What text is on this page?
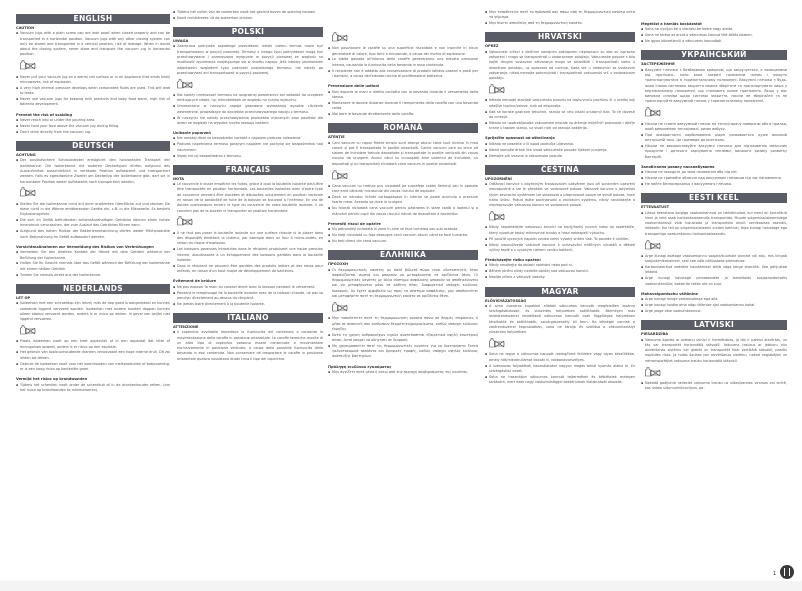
ENGLISH
CAUTION
▪ Vacuum jugs with a plain screw cap are leak proof when closed properly and can be transported in a horizontal position. Vacuum jugs with any other closing system can only be stored and transported in a vertical position, risk of leakage. When in doubt about the closing system, never store and transport the vacuum jug in horizontal position.
▪ Never put your vacuum jug on a warm/ hot surface or in an appliance that emits heat/ microwaves, risk of explosion.
▪ A very high internal pressure develops when carbonated fluids are used. This will lead to leaks.
▪ Never use vacuum jugs for keeping milk products and baby food warm, high risk of bacteria development.
Prevent the risk of scalding
▪ Never reach into or under the pouring area.
▪ Never hold your face above the vacuum jug during filling.
▪ Don't drink directly from the vacuum jug.
DEUTSCH
ACHTUNG
▪ Der auslaufsichere Schraubdeckel ermöglicht den horizontalen Transport der Isolierkanne. Die Isolierkanne mit anderen Deckeltypen dürfen aufgrund des Auslaufrisikos ausschließlich in vertikaler Position aufbewahrt und transportiert werden. Falls es irgendwelche Zweifel am Deckeltyp der Isolierkanne gibt, darf sie in horizontaler Position weder aufbewahrt noch transportiert werden.
▪ Stellen Sie die Isolierkanne nicht auf einer erwärmten Oberfläche auf und stecken Sie diese nicht in die Wärme emittierenden Geräte ein, z.B. in die Mikrowelle. Es besteht Explosionsgefahr.
▪ Die sich im Gefäß befindenden kohlensäurehaltigen Getränke können einen hohen Innendruck verursachen, der zum Auslauf des Getränkes führen kann.
▪ Aufgrund des hohen Risikos der Bakterienentwicklung dürfen weder Milchprodukte noch Babynahrung im Gefäß aufbewahrt werden.
Vorsichtmaßnahmen zur Vermeidung des Risikos von Verbrühungen
▪ Vermeiden Sie den direkten Kontakt der Hände mit dem Getränk während der Befüllung der Isolierkanne.
▪ Halten Sie Ihr Gesicht niemals über das Gefäß während der Befüllung der Isolierkanne mit einem heißen Getränk.
▪ Trinken Sie niemals direkt aus der Isolierkanne.
NEDERLANDS
LET OP
▪ Isoleerkan met een schroefdop zijn lekvrij mits de dop goed is aangedraaid en kunnen zodoende liggend vervoerd worden. Isoleerkan met andere soorten doppen kunnen alleen staand vervoerd worden, anders is er risico op lekken. In geval van twijfel niet liggend vervoeren.
▪ Plaats isoleerkan nooit op een heet oppervlak of in een apparaat dat hitte of microgolven opwekt, anders is er risico op een explosie.
▪ Het gebruik van koolzuurhoudende dranken veroorzaakt een hoge interne druk. Dit zal leiden tot lekken.
▪ Gebruik de isoleerkan nooit voor het warmhouden van melkproducten of babyvoeding, er is een hoog risico op bacteriële groei.
Vermijd het risico op brandwonden
▪ Tijdens het schenken nooit onder de schenktuit of in de drankenhouder reiken. (om het risico op brandwonden te minimaliseren).
▪ Tijdens het vullen van de isoleerkan nooit het gezicht boven de opening houden.
▪ Nooit rechtstreeks uit de isoleerkan drinken.
POLSKI
UWAGA
▪ Zakręcana pokrywka zapobiega przeciekom, dzięki czemu termos może być transportowany w pozycji poziomej. Termosy z innego typu pokrywkami mogą być przechowywane i przenoszone wyłącznie w pozycji pionowej ze względu na możliwość wyciekania znajdującego się w środku napoju. Jeśli istnieją jakiekolwiek wątpliwości względem typu pokrywki posiadanego termosu, nie należy go przechowywać ani transportować w pozycji poziomej.
▪ Nie należy umieszczać termosu na rozgrzanej powierzchni ani wkładać do urządzeń emitujących ciepło, np. mikrofalówek ze względu na ryzyko wybuchu.
▪ Umieszczone w naczyniu napoje gazowane wytwarzają wysokie ciśnienie wewnętrzne, prowadzące do wycieków przechowywanego napoju z termosu.
▪ W naczyniu nie należy przechowywania produktów mlecznych oraz posiłków dla dzieci ze względu na wysokie ryzyko rozwoju bakterii.
Unikanie poparzeń
▪ Nie narażaj dłoni na bezpośredni kontakt z napojem podczas nalewania.
▪ Podczas napełniania termosu gorącym napojem nie pochylaj się bezpośrednio nad naczyniem.
▪ Nigdy nie pij bezpośrednio z termosu.
FRANÇAIS
NOTA
▪ Le couvercle à visser empêche les fuites, grâce à quoi la bouteille isolante peut-être être transportée en position horizontale. Les bouteilles isolantes avec d'autre type de couvercle peuvent être stockées et déplacées uniquement en position verticale en raison de la possibilité de fuite de la boisson se trouvant à l'intérieur. En cas de doutes quelconques envers le type du couvercle de votre bouteille isolante, il ne convient pas de la stocker ni transporter en position horizontale.
▪ Il ne faut pas poser la bouteille isolante sur une surface chaude ni la placer dans des dispositifs émettant la chaleur, par exemple dans un four à micro-ondes, en raison du risque d'explosion.
▪ Les boissons gazeuses introduites dans le récipient produisent une haute pression interne, aboutissante à un échappement des boissons gardées dans la bouteille isolante.
▪ Dans le récipient ne peuvent être gardées des produits laitiers et des repas pour enfants, en raison d'un haut risque de développement de bactéries.
Evitement de brûlure
▪ Ne pas exposer la main au contact direct avec la boisson pendant le versement.
▪ Pendant le remplissage de la bouteille isolante avec de la boisson chaude, ne pas se pencher directement au-dessus du récipient.
▪ Ne jamais boire directement à la bouteille isolante.
ITALIANO
ATTENZIONE
▪ Il coperchio avvitabile impedisce la fuoriuscita del contenuto e consente la movimentazione della caraffa in posizione orizzontale. Le caraffe termiche munite di un altro tipo di coperchio possono essere conservate e movimentate esclusivamente in posizione verticale, a causa della possibile fuoriuscita della bevanda in essi contenuta. Non conservare né trasportare le caraffe in posizione orizzontale qualora sussistano dubbi circa il tipo del coperchio.
▪ Non posizionare le caraffe su una superficie riscaldata e non inserirle in alcun generatore di calore, tipo forni a microonde, a causa del rischio di esplosione.
▪ Le bibite gassate all'interno delle caraffe genereranno una elevata pressione interna, causando la fuoriuscita della bevanda in esso contenuta.
▪ Il recipiente non è addatto alla conservazione di prodotti lattiero-caseari e pasti per i bambini, a causa dell'elevato rischio di proliferazione batterica.
Prevenzione delle ustioni
▪ Non esporre le mani a diretto contatto con la bevanda durante il versamento della stessa.
▪ Mantenere le dovute distanze durante il riempimento della caraffa con una bevanda calda.
▪ Mai bere le bevande direttamente dalla caraffa.
ROMÂNĂ
ATENȚIE
▪ Cani vacuum cu capac filetat simplu sunt etanșe atunci când sunt închise în mod corect și pot fi transportate în poziție orizontală. Canile vacuum care au orice alt sistem de închidere trebuie depozitate și transportate în poziție verticală din cauza riscului de scurgere. Atunci când nu cunoașteți bine sistemul de închidere, nu depozitați și nu transportați niciodată cana vacuum în poziție orizontală.
▪ Cana vacuum nu trebuie pus niciodată pe suprafețe calde/ fierbinți sau în aparate care emit căldură/ microunde din cauza riscului de explozie.
▪ Dacă se introduc lichide carbogazoase în interior se poate acumula o presiune foarte mare. Aceasta va duce la scurgeri.
▪ Nu folosiți niciodată cana vacuum pentru păstrarea în stare caldă a laptelui și a mâncării pentru copii din cauza riscului ridicat de dezvoltare a bacteriilor.
Preveniți riscul de opărire
▪ Nu pătrundeți niciodată în zona în care se face turnarea sau sub aceasta.
▪ Nu stați niciodată cu fața deasupra canii vacuum atunci când se face turnarea.
▪ Nu beți direct din cana vacuum.
ΕΛΛΗΝΙΚΑ
ΠΡΟΣΟΧΗ
▪ Οι θερμομονωτικές κανάτες με απλό βιδωτό πώμα είναι υδατοστεγείς όταν ασφαλίζονται σωστά και μπορούν να μεταφέρονται σε οριζόντια θέση. Οι θερμομονωτικές κανάτες με άλλο σύστημα ασφάλισης μπορούν να αποθηκεύονται και να μεταφέρονται μόνο σε κάθετη θέση, διαφορετικά υπάρχει κίνδυνος διαρροής. Αν έχετε αμφιβολία ως προς το σύστημα ασφάλισης, μην αποθηκεύετε και μεταφέρετε ποτέ τη θερμομονωτική κανάτα σε οριζόντια θέση.
▪ Μην τοποθετείτε ποτέ τη θερμομονωτική κανάτα πάνω σε θερμές επιφάνειες ή μέσα σε συσκευές που εκπέμπουν θερμότητα/μικροκύματα, καθώς υπάρχει κίνδυνος έκρηξης.
▪ Κατά τη χρήση ανθρακούχων υγρών αναπτύσσεται εξαιρετικά υψηλή εσωτερική πίεση. Αυτό μπορεί να οδηγήσει σε διαρροή.
▪ Μη χρησιμοποιείτε ποτέ τις θερμομονωτικές κανάτες για να διατηρήσετε ζεστά γαλακτοκομικά προϊόντα και βρεφικές τροφές, καθώς υπάρχει υψηλός κίνδυνος ανάπτυξης βακτηρίων.
Πρόληψη κινδύνου εγκαύματος
▪ Μην αγγίζετε ποτέ μέσα ή κάτω από την περιοχή σερβιρίσματος της κανάτας.
▪ Μην τοποθετείτε ποτέ το πρόσωπό σας πάνω από τη θερμομονωτική κανάτα κατά το γέμισμα.
▪ Μην πίνετε απευθείας από τη θερμομονωτική κανάτα.
HRVATSKI
OPREZ
▪ Vakuumski vrčevi s običnim navojnim poklopcem nepropusni su ako su ispravno zatvoreni i mogu se transportirati u vodoravnom položaju. Vakuumske posude s bilo kojim drugim sustavom zatvaranja mogu se skladištiti i transportirati samo u okomitom položaju, uz opasnost od curenja. Kada ste u nedoumici sa sustavom zatvaranja, nikad nemojte pohranjivati i transportirati vakuumski vrč u vodoravnom položaju.
▪ Nikada nemojte stavljati vakuumsku posudu na toplu/vruću površinu ili u uređaj koji odašilje toplinu/valove, rizik od eksplozije.
▪ Kad se koriste gazirane tekućine, razvija se vrlo visoki unutarnji tlak. To će dovesti do curenja.
▪ Nikada ne upotrebljavajte vakuumske posude za držanje mliječnih proizvoda i dječje hrane u toplom stanju, uz visok rizik od razvoja bakterija.
Spriječite opasnost od oštećivanja
▪ Nikada ne posežite u ili ispod područja ulijevanja.
▪ Nikad nemojte držati lice iznad vakuumske posude tijekom punjenja.
▪ Nemojte piti izravno iz vakuumske posude.
ČEŠTINA
UPOZORNĚNÍ
▪ Odšávací konvice s obyčejným šroubovacím uzávěrem jsou při správném uzavření nepropustné a lze je převážet ve vodorovné poloze. Vakuové konvice s jakýmkoli jiným zavíracím systémem lze skladovat a přepravovat pouze ve svislé poloze, hrozí riziko úniku. Pokud máte pochybnosti o zavíracím systému, nikdy neukládejte a nepřepravujte vakuovou konvici ve vodorovné poloze.
▪ Nikdy nepokládejte vakuovou konvici na teplý/horký povrch nebo do spotřebiče, který vyzařuje teplo/ mikrovlnné trouby a hrozí nebezpečí výbuchu.
▪ Při použití sycených kapalin vzniká velmi vysoký vnitřní tlak. To povede k únikům.
▪ Nikdy nepoužívejte vakuové konvice k uchovávání mléčných výrobků a dětské výživy teplé a s vysokým rizikem vzniku bakterií.
Předcházejte riziku opaření
▪ Nikdy nesahejte do oblasti nalévání nebo pod ni.
▪ Během plnění nikdy nedržte obličej nad vakuovou konvicí.
▪ Nepijte přímo z vakuové nádoby.
MAGYAR
ELŐVIGYÁZATOSSÁG
▪ A sima csavaros kupakkal ellátott vákuumos kancsók megfelelően lezárva szivárgásbiztosak, és vízszintes helyzetben szállíthatók. Bármilyen más lezárórendszerrel rendelkező vákuumos kancsók csak függőleges helyzetben tárolhatók és szállíthatók, szivárgásveszély áll fenn. Ha kétségei vannak a zárórendszerrel kapcsolatban, soha ne tárolja és szállítsa a vákuumtartályt vízszintes helyzetben.
▪ Soha ne tegye a vákuumos kancsót meleg/forró felületre vagy olyan készülékbe, amely hőt/mikrohullámot bocsát ki, robbanásveszélyes.
▪ A szénsavas folyadékok használatakor nagyon magas belső nyomás alakul ki. Ez szivárgáshoz vezet.
▪ Soha ne használjon vákuumos kancsót tejtermékek és bébiételek melegen tartására, mert ezek nagy valószínűséggel baktériumok kialakulását okozzák.
Megelőzi a hámlás kockázatát
▪ Soha ne nyúljon be a kiöntési területre vagy alatta.
▪ Soha ne tartsa az arcát a vákuumos kancsó fölé töltés közben.
▪ Ne igyon közvetlenül a vákuumos kancsóból.
УКРАЇНСЬКИЙ
ЗАСТЕРЕЖЕННЯ
▪ Вакуумні глечики з безбарвною кришкою, що закручується, є захищеними від протікань, коли вони закриті належним чином і можуть транспортуватися в горизонтальному положенні. Вакуумні глечики з будь-якою іншою системою закриття можна зберігати та транспортувати лише у вертикальному положенні, що становить ризик протікання. Якщо у вас виникли сумніви щодо системи закриття, ніколи не зберігайте та не транспортуйте вакуумний глечик у горизонтальному положенні.
▪ Ніколи не ставте вакуумний глечик на теплу/гарячу поверхню або в прилад, який випромінює тепло/хвилі, ризик вибуху.
▪ При використанні карбонованих рідин розвивається дуже високий внутрішній тиск. Це призведе до протікань.
▪ Ніколи не використовуйте вакуумні глечики для підтримання молочних продуктів і дитячого харчування теплими, високого ризику розвитку бактерій.
Запобігання ризику насапабування
▪ Ніколи не заходьте до зони наливання або під неї.
▪ Ніколи не тримайте обличчя над вакуумним глечиком під час наповнення.
▪ Не пийте безпосередньо з вакуумного глечика.
EESTI KEEL
ETTEVAATUST
▪ Lihtsa keeratava korgiga vaakumkannud on lekkekindlad, kui need on korralikult kinni ja neid saab horisontaalasendis transportida. Muude sulgemissüsteemidega vaakumkannud võib hoiustada ja transportida ainult vertikaalses asendis, lekkeoht. Kui teil on sulgemissüsteemi suhtes kahtlusi, ärge kunagi hoiustage ega transportige vaakumkannu horisontaalasendis.
▪ Ärge kunagi asetage vaakumkannu soojale/kuumale pinnale või atju, mis kiirgab soojust/mikrolaineid, sest see võib põhjustada plahvatuse.
▪ Karboniseeritud vedelike kasutamisel tekib väga kõrge siserõhk. See põhjustab lekkeid.
▪ Ärge kunagi kasutage piimatoodete ja beebitoidu soojashoidmiseks vaakumkanüüle; bakterite tekke oht on suur.
Mahavalgumisohu vältimine
▪ Ärge kunagi minge valamisalasse ega alla.
▪ Ärge kunagi hoidke oma nägu täitmise ajal vaakumkannu kohal.
▪ Ärge jooge otse vaakumkannust.
LATVISKI
PIESARDZĪBA
▪ Vakuuma ligzdas ar plakanu skrūvi ir hermētiskas, ja tās ir pareizi aizvērtas, un tās var transportēt horizontālā stāvoklī. Vakuuma traukus ar jebkuru citu aizvēršanas sistēmu var glabāt un transportēt tikai vertikālā stāvoklī, pastāv noplūdes risks. Ja rodas šaubas par aizvēršanas sistēmu, nekad neglabājiet un netransportējiet vakuuma trauku horizontālā stāvoklī.
▪ Nekādā gadījumā nelieciet vakuuma trauku uz siltas/karstas virsmas vai ierīcē, kas izdala siltumu/mikroviļņus, pa-
1
